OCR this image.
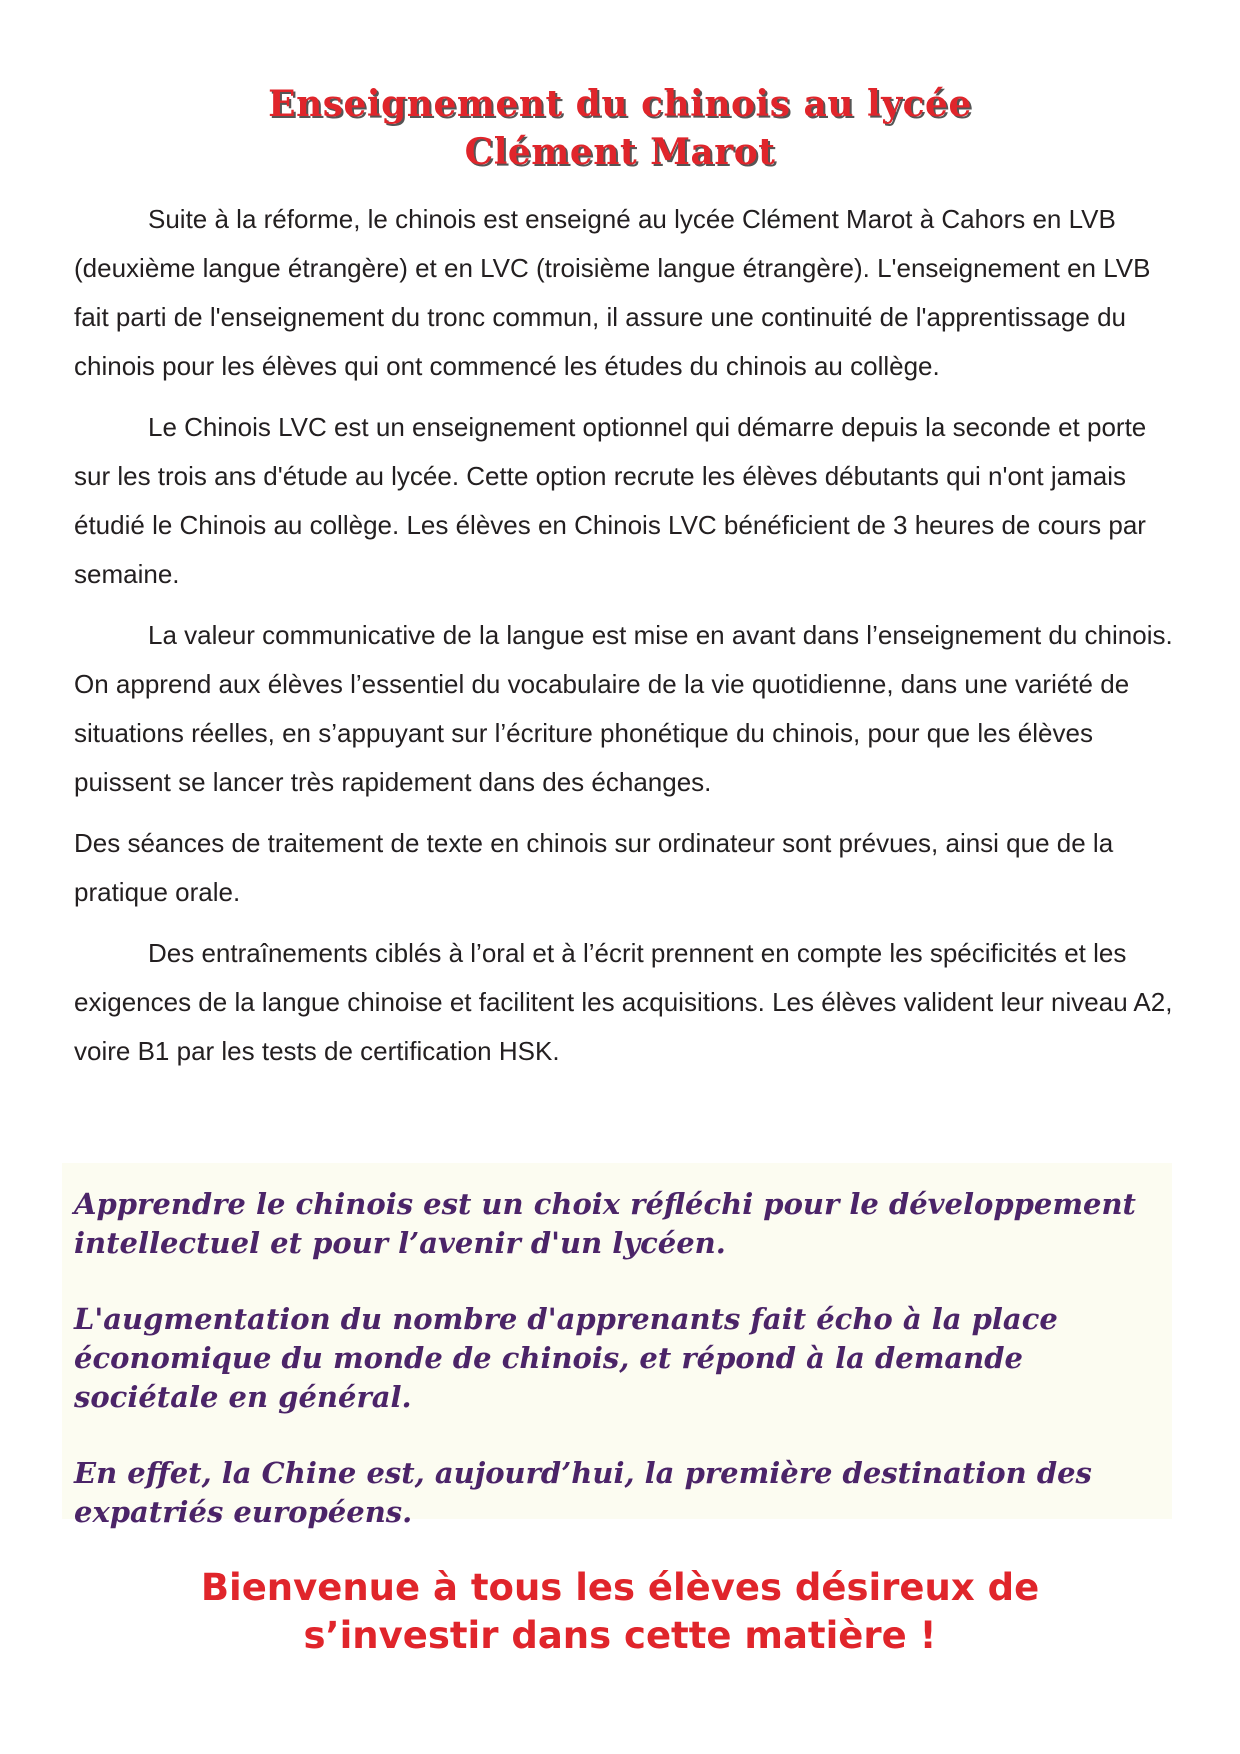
Enseignement du chinois au lycée
Clément Marot

Suite à la réforme, le chinois est enseigné au lycée Clément Marot à Cahors en LVB (deuxième langue étrangère) et en LVC (troisième langue étrangère). L'enseignement en LVB fait parti de l'enseignement du tronc commun, il assure une continuité de l'apprentissage du chinois pour les élèves qui ont commencé les études du chinois au collège.

Le Chinois LVC est un enseignement optionnel qui démarre depuis la seconde et porte sur les trois ans d'étude au lycée. Cette option recrute les élèves débutants qui n'ont jamais étudié le Chinois au collège. Les élèves en Chinois LVC bénéficient de 3 heures de cours par semaine.

La valeur communicative de la langue est mise en avant dans l’enseignement du chinois. On apprend aux élèves l’essentiel du vocabulaire de la vie quotidienne, dans une variété de situations réelles, en s’appuyant sur l’écriture phonétique du chinois, pour que les élèves puissent se lancer très rapidement dans des échanges.

Des séances de traitement de texte en chinois sur ordinateur sont prévues, ainsi que de la pratique orale.

Des entraînements ciblés à l’oral et à l’écrit prennent en compte les spécificités et les exigences de la langue chinoise et facilitent les acquisitions. Les élèves valident leur niveau A2, voire B1 par les tests de certification HSK.

Apprendre le chinois est un choix réfléchi pour le développement intellectuel et pour l’avenir d'un lycéen.

L'augmentation du nombre d'apprenants fait écho à la place économique du monde de chinois, et répond à la demande sociétale en général.

En effet, la Chine est, aujourd’hui, la première destination des expatriés européens.

Bienvenue à tous les élèves désireux de
s’investir dans cette matière !
